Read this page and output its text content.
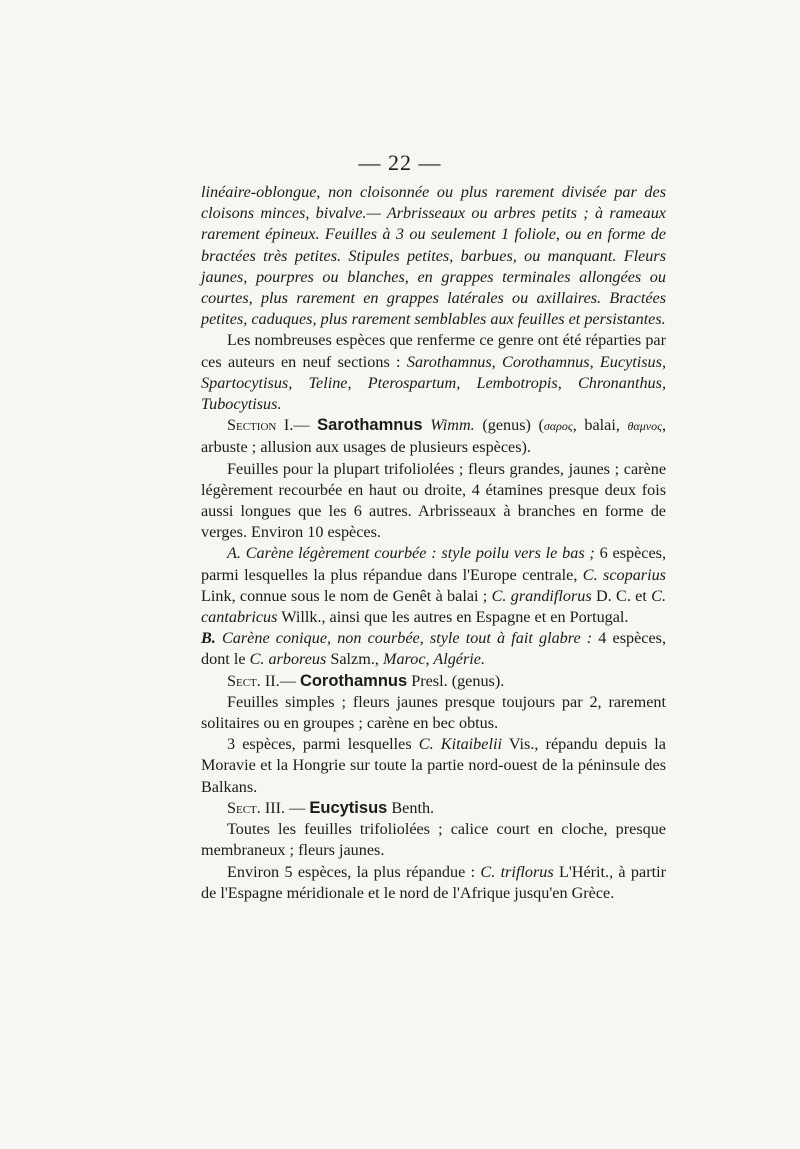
— 22 —

linéaire-oblongue, non cloisonnée ou plus rarement divisée par des cloisons minces, bivalve.— Arbrisseaux ou arbres petits ; à rameaux rarement épineux. Feuilles à 3 ou seulement 1 foliole, ou en forme de bractées très petites. Stipules petites, barbues, ou manquant. Fleurs jaunes, pourpres ou blanches, en grappes terminales allongées ou courtes, plus rarement en grappes latérales ou axillaires. Bractées petites, caduques, plus rarement semblables aux feuilles et persistantes.

Les nombreuses espèces que renferme ce genre ont été réparties par ces auteurs en neuf sections : Sarothamnus, Corothamnus, Eucytisus, Spartocytisus, Teline, Pterospartum, Lembotropis, Chronanthus, Tubocytisus.

Section I.— Sarothamnus Wimm. (genus) (σαρος, balai, θαμνος, arbuste ; allusion aux usages de plusieurs espèces).

Feuilles pour la plupart trifoliolées ; fleurs grandes, jaunes ; carène légèrement recourbée en haut ou droite, 4 étamines presque deux fois aussi longues que les 6 autres. Arbrisseaux à branches en forme de verges. Environ 10 espèces.

A. Carène légèrement courbée : style poilu vers le bas ; 6 espèces, parmi lesquelles la plus répandue dans l'Europe centrale, C. scoparius Link, connue sous le nom de Genêt à balai ; C. grandiflorus D. C. et C. cantabricus Willk., ainsi que les autres en Espagne et en Portugal.

B. Carène conique, non courbée, style tout à fait glabre : 4 espèces, dont le C. arboreus Salzm., Maroc, Algérie.

Sect. II.— Corothamnus Presl. (genus).

Feuilles simples ; fleurs jaunes presque toujours par 2, rarement solitaires ou en groupes ; carène en bec obtus.

3 espèces, parmi lesquelles C. Kitaibelii Vis., répandu depuis la Moravie et la Hongrie sur toute la partie nord-ouest de la péninsule des Balkans.

Sect. III. — Eucytisus Benth.

Toutes les feuilles trifoliolées ; calice court en cloche, presque membraneux ; fleurs jaunes.

Environ 5 espèces, la plus répandue : C. triflorus L'Hérit., à partir de l'Espagne méridionale et le nord de l'Afrique jusqu'en Grèce.
